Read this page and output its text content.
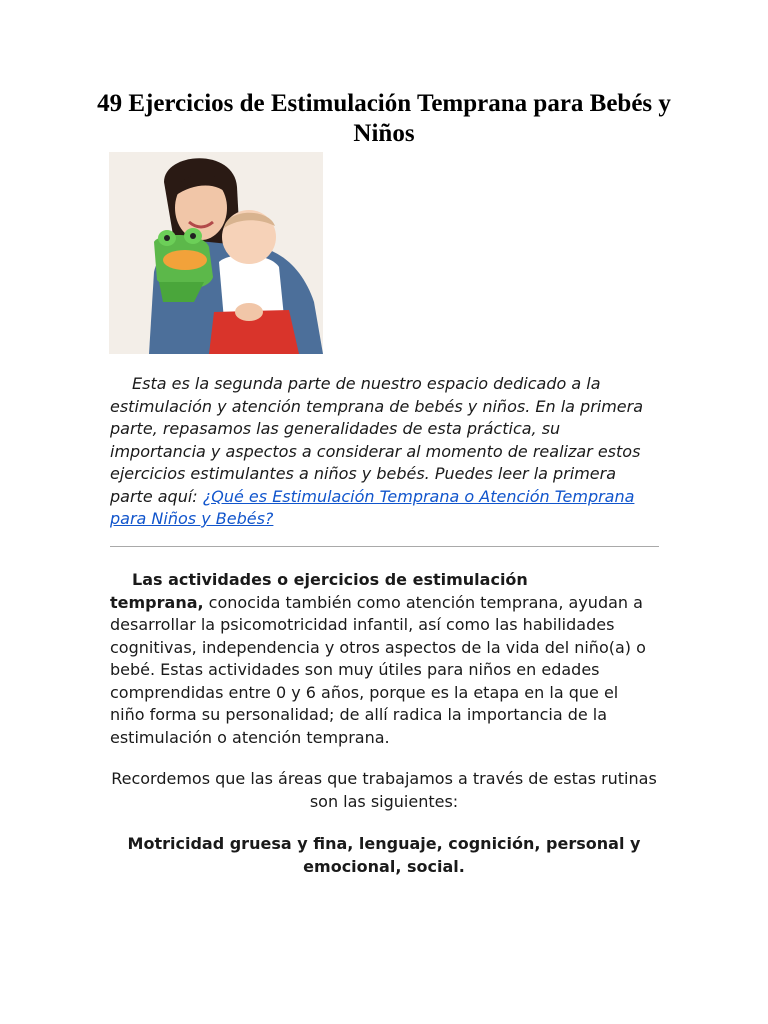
49 Ejercicios de Estimulación Temprana para Bebés y Niños

Esta es la segunda parte de nuestro espacio dedicado a la estimulación y atención temprana de bebés y niños. En la primera parte, repasamos las generalidades de esta práctica, su importancia y aspectos a considerar al momento de realizar estos ejercicios estimulantes a niños y bebés. Puedes leer la primera parte aquí: ¿Qué es Estimulación Temprana o Atención Temprana para Niños y Bebés?

Las actividades o ejercicios de estimulación
temprana, conocida también como atención temprana, ayudan a desarrollar la psicomotricidad infantil, así como las habilidades cognitivas, independencia y otros aspectos de la vida del niño(a) o bebé. Estas actividades son muy útiles para niños en edades comprendidas entre 0 y 6 años, porque es la etapa en la que el niño forma su personalidad; de allí radica la importancia de la estimulación o atención temprana.

Recordemos que las áreas que trabajamos a través de estas rutinas son las siguientes:

Motricidad gruesa y fina, lenguaje, cognición, personal y emocional, social.
